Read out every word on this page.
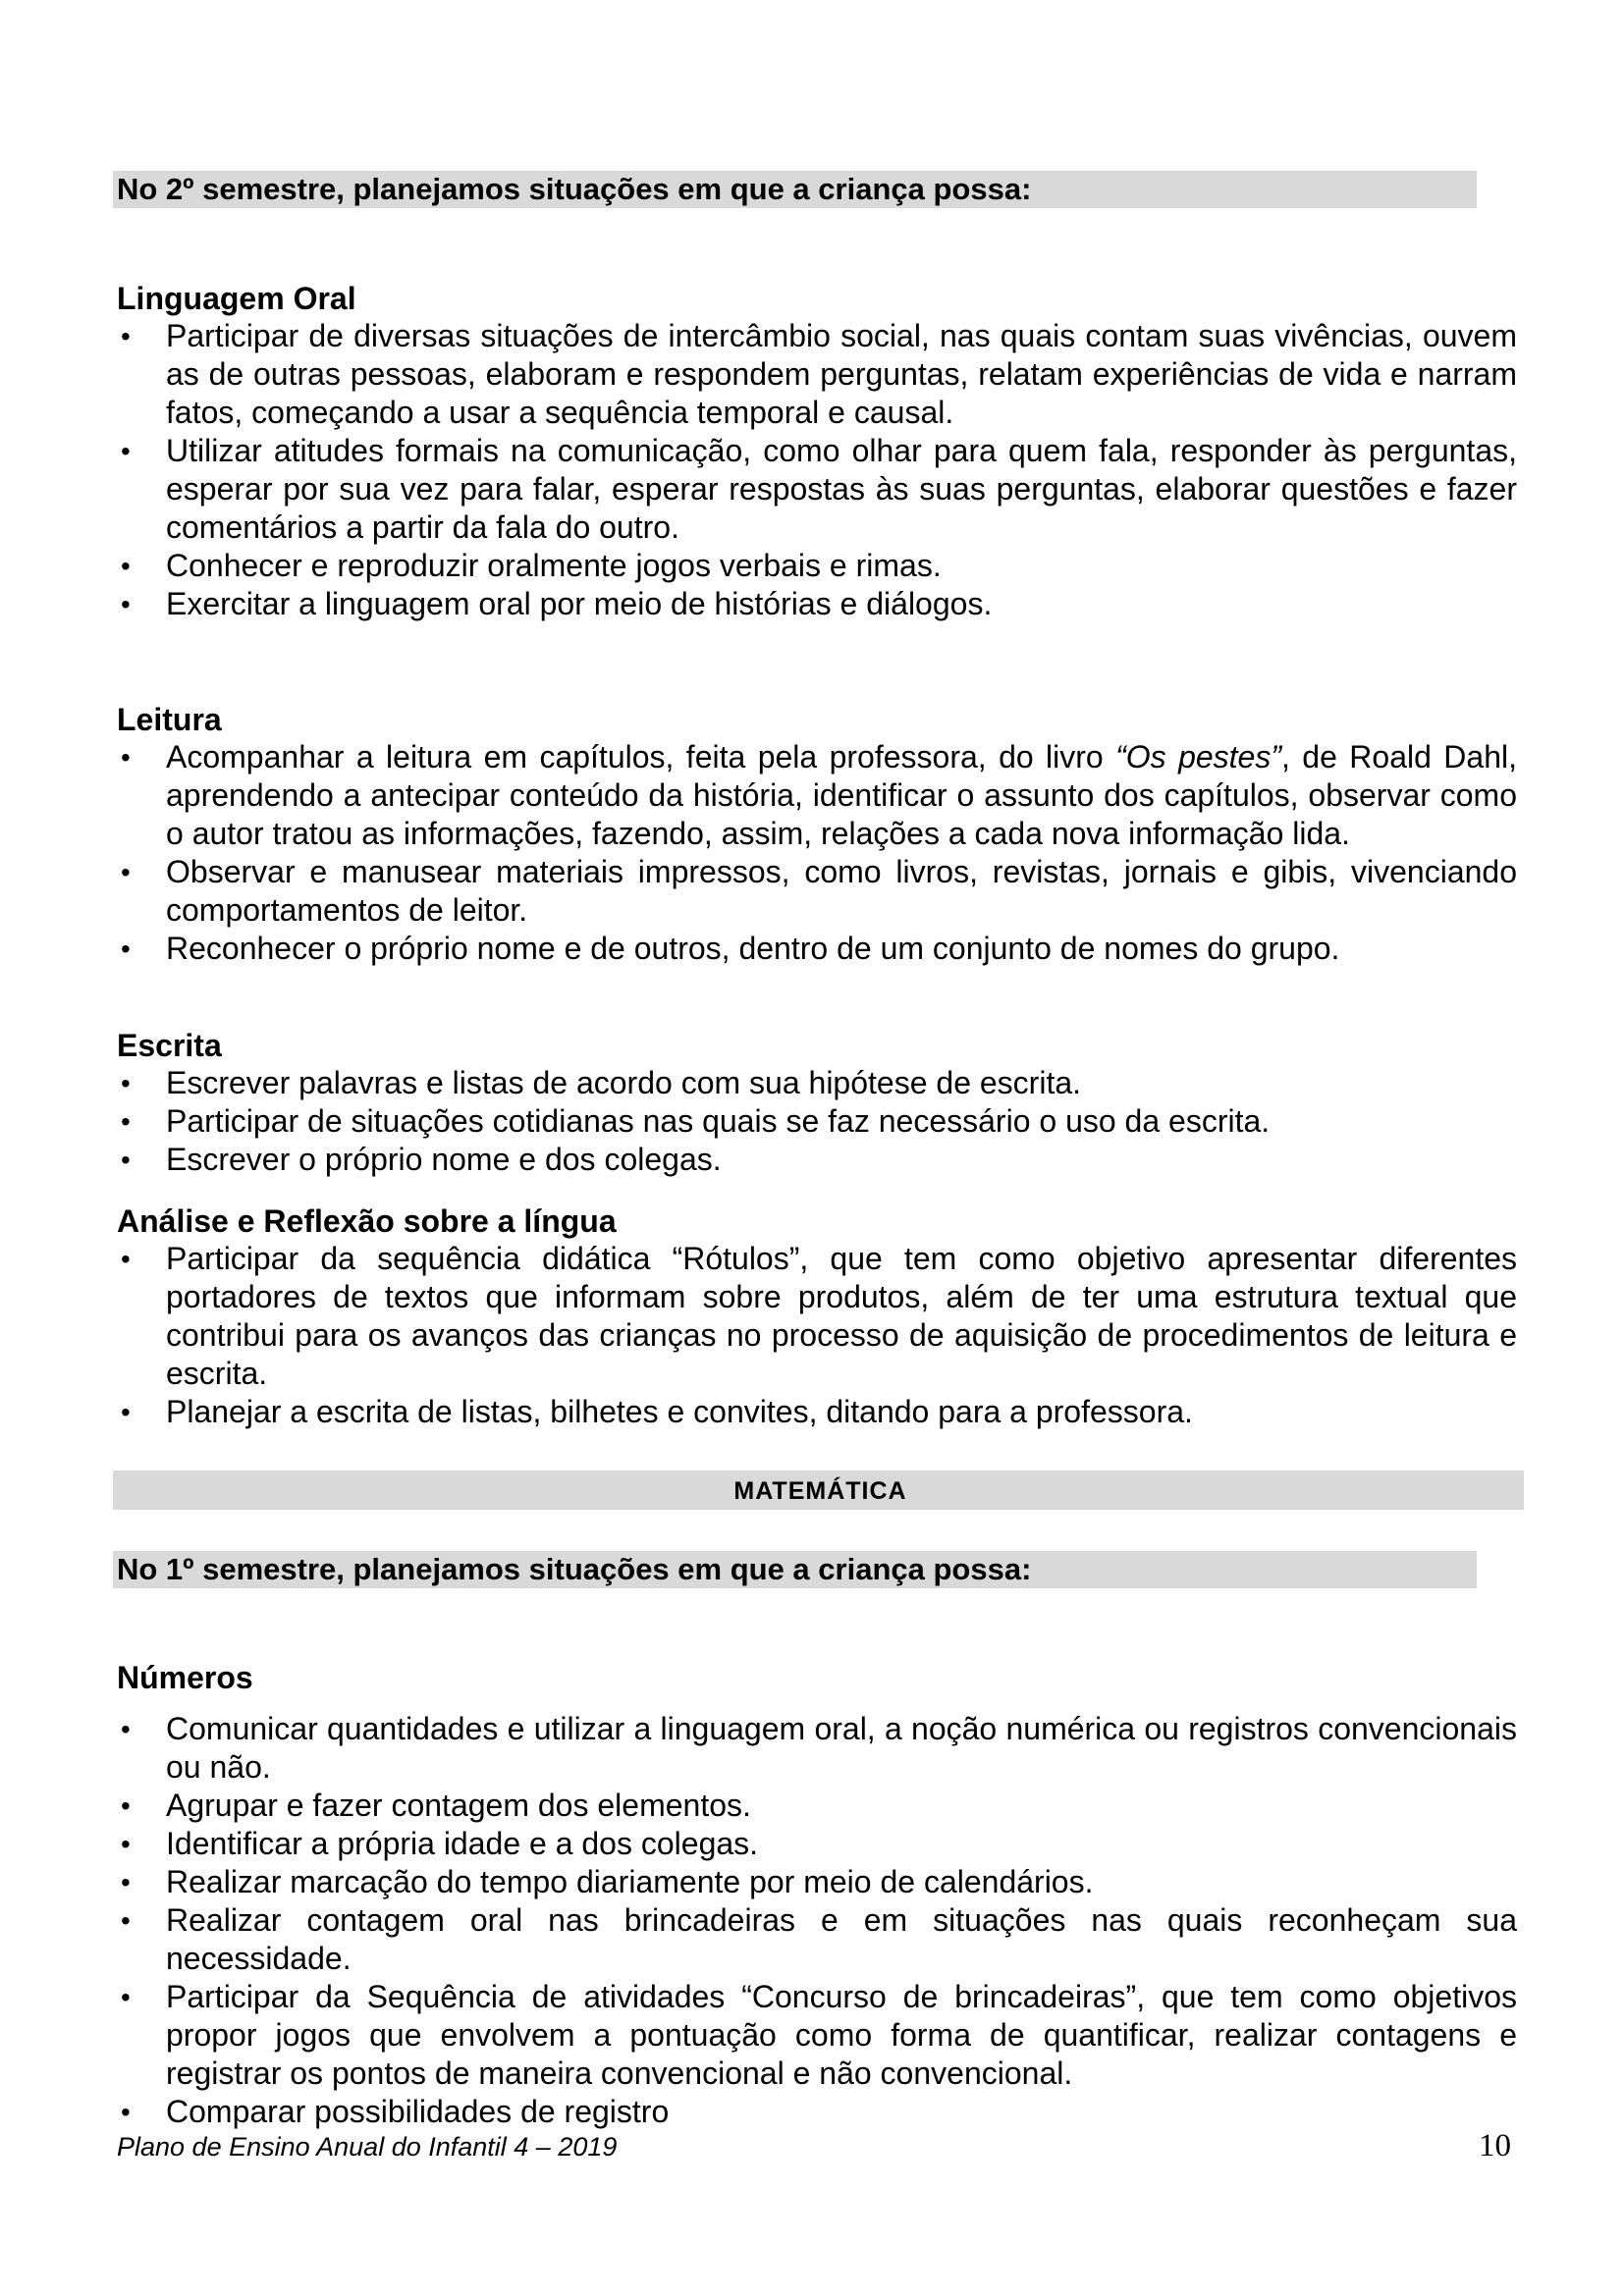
No 2º semestre, planejamos situações em que a criança possa:
Linguagem Oral
• Participar de diversas situações de intercâmbio social, nas quais contam suas vivências, ouvem as de outras pessoas, elaboram e respondem perguntas, relatam experiências de vida e narram fatos, começando a usar a sequência temporal e causal.
• Utilizar atitudes formais na comunicação, como olhar para quem fala, responder às perguntas, esperar por sua vez para falar, esperar respostas às suas perguntas, elaborar questões e fazer comentários a partir da fala do outro.
• Conhecer e reproduzir oralmente jogos verbais e rimas.
• Exercitar a linguagem oral por meio de histórias e diálogos.
Leitura
• Acompanhar a leitura em capítulos, feita pela professora, do livro “Os pestes”, de Roald Dahl, aprendendo a antecipar conteúdo da história, identificar o assunto dos capítulos, observar como o autor tratou as informações, fazendo, assim, relações a cada nova informação lida.
• Observar e manusear materiais impressos, como livros, revistas, jornais e gibis, vivenciando comportamentos de leitor.
• Reconhecer o próprio nome e de outros, dentro de um conjunto de nomes do grupo.
Escrita
• Escrever palavras e listas de acordo com sua hipótese de escrita.
• Participar de situações cotidianas nas quais se faz necessário o uso da escrita.
• Escrever o próprio nome e dos colegas.
Análise e Reflexão sobre a língua
• Participar da sequência didática “Rótulos”, que tem como objetivo apresentar diferentes portadores de textos que informam sobre produtos, além de ter uma estrutura textual que contribui para os avanços das crianças no processo de aquisição de procedimentos de leitura e escrita.
• Planejar a escrita de listas, bilhetes e convites, ditando para a professora.
MATEMÁTICA
No 1º semestre, planejamos situações em que a criança possa:
Números
• Comunicar quantidades e utilizar a linguagem oral, a noção numérica ou registros convencionais ou não.
• Agrupar e fazer contagem dos elementos.
• Identificar a própria idade e a dos colegas.
• Realizar marcação do tempo diariamente por meio de calendários.
• Realizar contagem oral nas brincadeiras e em situações nas quais reconheçam sua necessidade.
• Participar da Sequência de atividades “Concurso de brincadeiras”, que tem como objetivos propor jogos que envolvem a pontuação como forma de quantificar, realizar contagens e registrar os pontos de maneira convencional e não convencional.
• Comparar possibilidades de registro
Plano de Ensino Anual do Infantil 4 – 2019	10
